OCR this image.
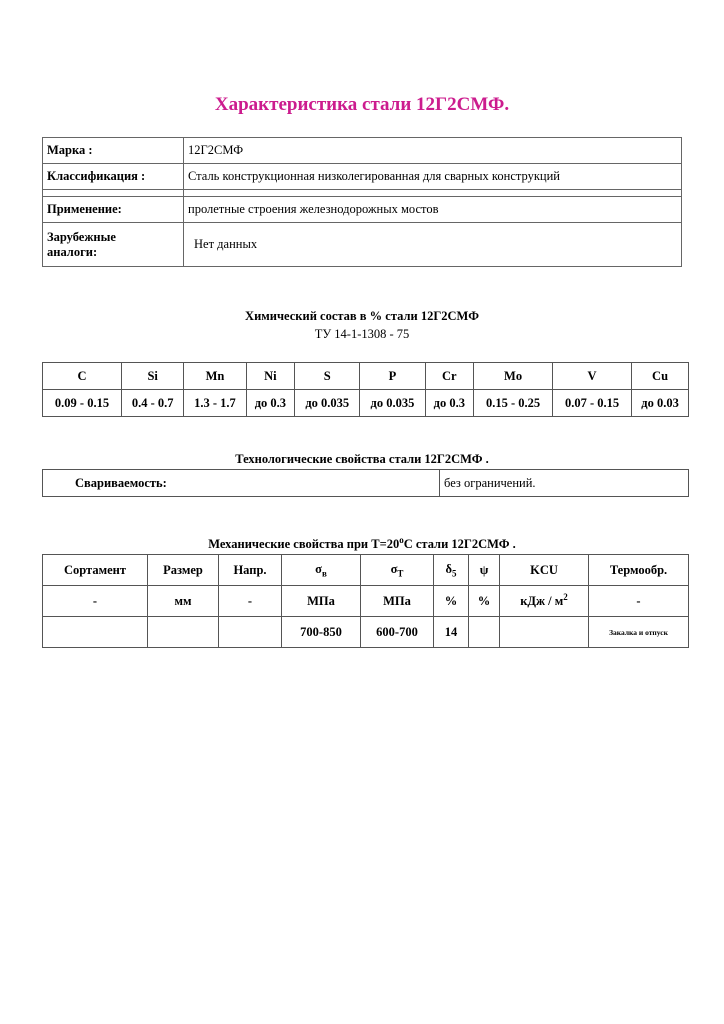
Характеристика стали 12Г2СМФ.
Марка :	12Г2СМФ
Классификация :	Сталь конструкционная низколегированная для сварных конструкций

Применение:	пролетные строения железнодорожных мостов
Зарубежные
аналоги:	Нет данных
Химический состав в % стали 12Г2СМФ
ТУ 14-1-1308 - 75
C	Si	Mn	Ni	S	P	Cr	Mo	V	Cu
0.09 - 0.15	0.4 - 0.7	1.3 - 1.7	до 0.3	до 0.035	до 0.035	до 0.3	0.15 - 0.25	0.07 - 0.15	до 0.03
Технологические свойства стали 12Г2СМФ .
Свариваемость:	без ограничений.
Механические свойства при $Т=20^oС$ стали 12Г2СМФ .
Сортамент	Размер	Напр.	$\sigma_в$	$\sigma_T$	$\delta_5$	ψ	KCU	Термообр.
-	мм	-	МПа	МПа	%	%	кДж / $м^2$	-
			700-850	600-700	14			Закалка и отпуск
